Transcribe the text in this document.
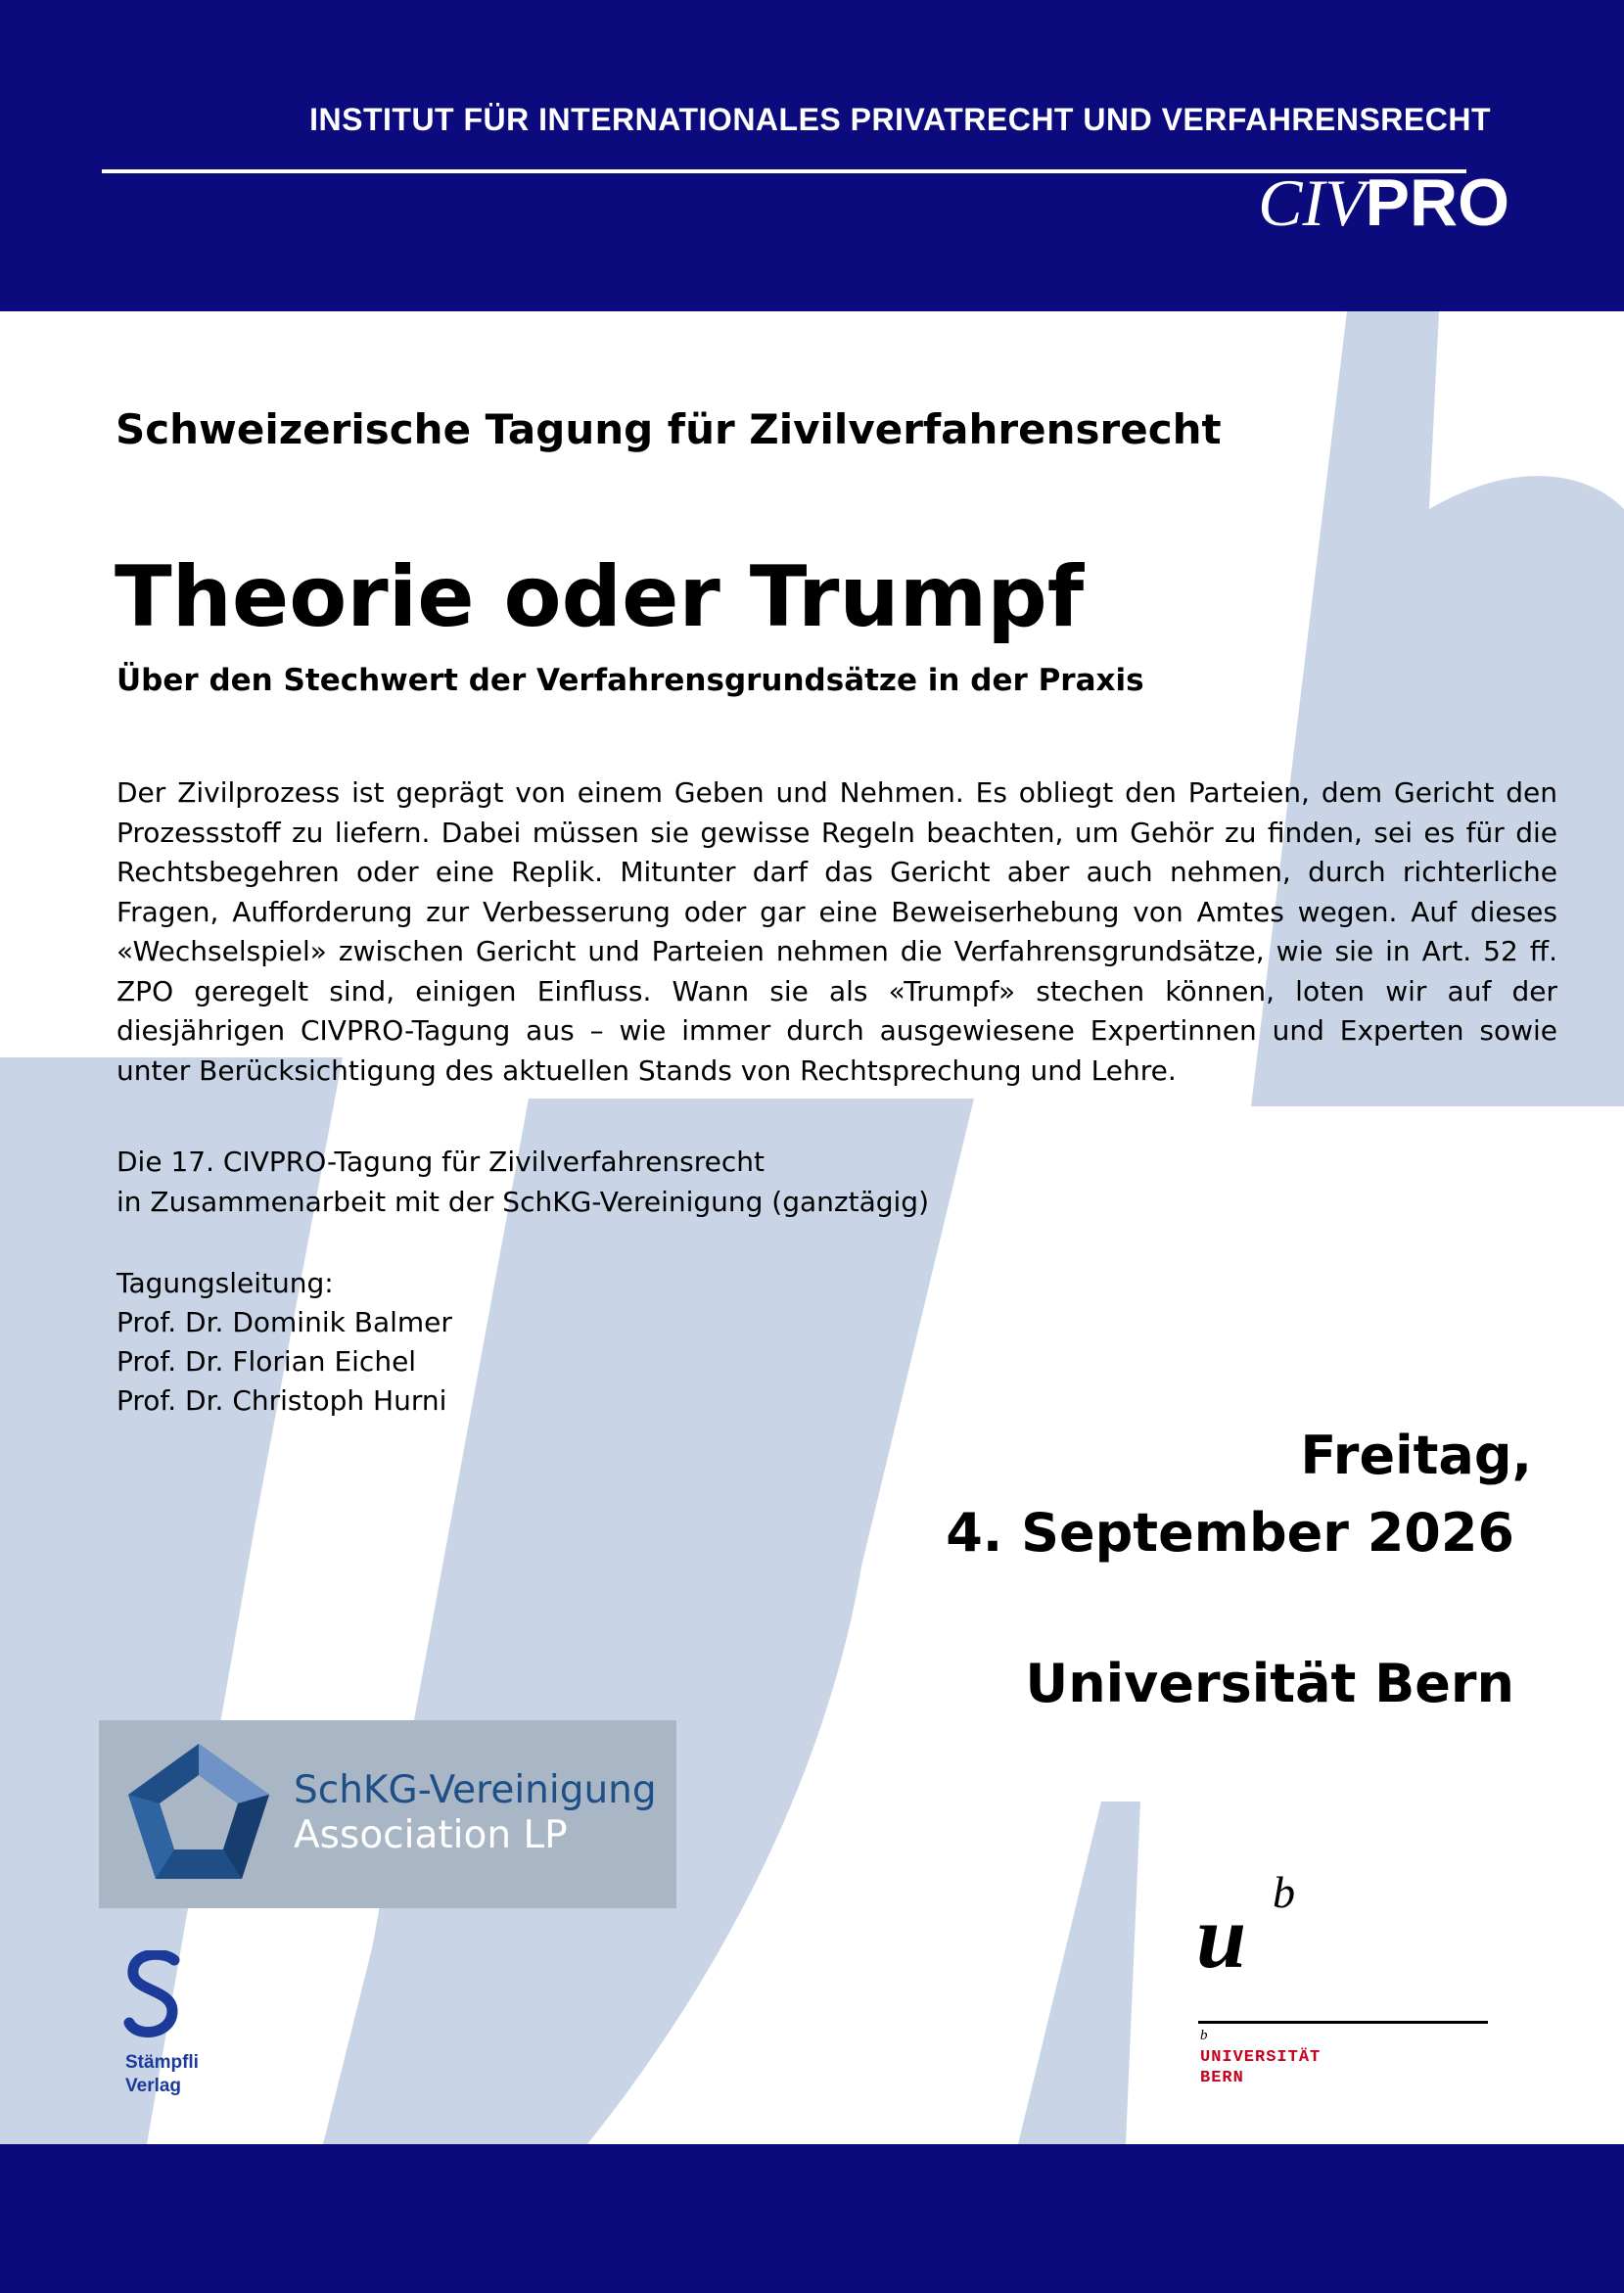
INSTITUT FÜR INTERNATIONALES PRIVATRECHT UND VERFAHRENSRECHT
CIVPRO
Schweizerische Tagung für Zivilverfahrensrecht
Theorie oder Trumpf
Über den Stechwert der Verfahrensgrundsätze in der Praxis

Der Zivilprozess ist geprägt von einem Geben und Nehmen. Es obliegt den Parteien, dem Gericht den Prozessstoff zu liefern. Dabei müssen sie gewisse Regeln beachten, um Gehör zu finden, sei es für die Rechtsbegehren oder eine Replik. Mitunter darf das Gericht aber auch nehmen, durch richterliche Fragen, Aufforderung zur Verbesserung oder gar eine Beweiserhebung von Amtes wegen. Auf dieses «Wechselspiel» zwischen Gericht und Parteien nehmen die Verfahrensgrundsätze, wie sie in Art. 52 ff. ZPO geregelt sind, einigen Einfluss. Wann sie als «Trumpf» stechen können, loten wir auf der diesjährigen CIVPRO-Tagung aus – wie immer durch ausgewiesene Expertinnen und Experten sowie unter Berücksichtigung des aktuellen Stands von Rechtsprechung und Lehre.

Die 17. CIVPRO-Tagung für Zivilverfahrensrecht
in Zusammenarbeit mit der SchKG-Vereinigung (ganztägig)
Tagungsleitung:
Prof. Dr. Dominik Balmer
Prof. Dr. Florian Eichel
Prof. Dr. Christoph Hurni
Freitag,
4. September 2026
Universität Bern
SchKG-Vereinigung
Association LP
Stämpfli
Verlag
u b
b
UNIVERSITÄT
BERN
